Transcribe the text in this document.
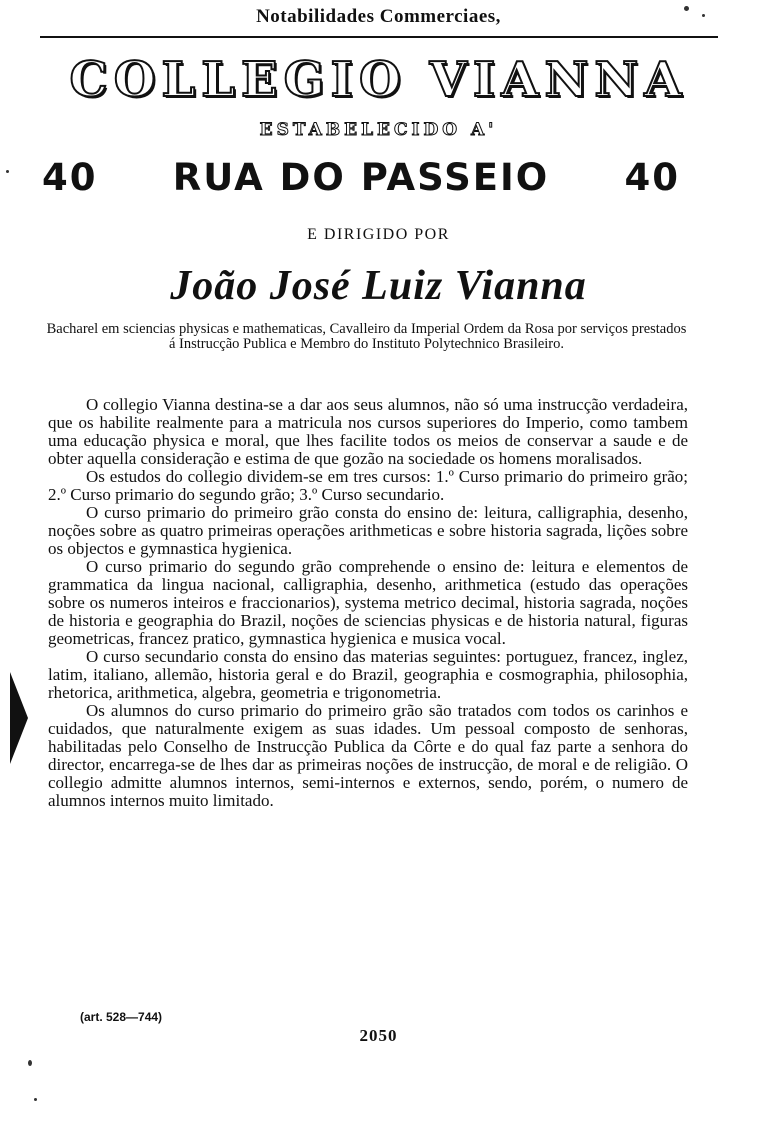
Notabilidades Commerciaes,
COLLEGIO VIANNA
ESTABELECIDO A'
40 RUA DO PASSEIO 40
E DIRIGIDO POR
João José Luiz Vianna
Bacharel em sciencias physicas e mathematicas, Cavalleiro da Imperial Ordem da Rosa por serviços prestados á Instrucção Publica e Membro do Instituto Polytechnico Brasileiro.

O collegio Vianna destina-se a dar aos seus alumnos, não só uma instrucção verdadeira, que os habilite realmente para a matricula nos cursos superiores do Imperio, como tambem uma educação physica e moral, que lhes facilite todos os meios de conservar a saude e de obter aquella consideração e estima de que gozão na sociedade os homens moralisados.

Os estudos do collegio dividem-se em tres cursos: 1.º Curso primario do primeiro grão; 2.º Curso primario do segundo grão; 3.º Curso secundario.

O curso primario do primeiro grão consta do ensino de: leitura, calligraphia, desenho, noções sobre as quatro primeiras operações arithmeticas e sobre historia sagrada, lições sobre os objectos e gymnastica hygienica.

O curso primario do segundo grão comprehende o ensino de: leitura e elementos de grammatica da lingua nacional, calligraphia, desenho, arithmetica (estudo das operações sobre os numeros inteiros e fraccionarios), systema metrico decimal, historia sagrada, noções de historia e geographia do Brazil, noções de sciencias physicas e de historia natural, figuras geometricas, francez pratico, gymnastica hygienica e musica vocal.

O curso secundario consta do ensino das materias seguintes: portuguez, francez, inglez, latim, italiano, allemão, historia geral e do Brazil, geographia e cosmographia, philosophia, rhetorica, arithmetica, algebra, geometria e trigonometria.

Os alumnos do curso primario do primeiro grão são tratados com todos os carinhos e cuidados, que naturalmente exigem as suas idades. Um pessoal composto de senhoras, habilitadas pelo Conselho de Instrucção Publica da Côrte e do qual faz parte a senhora do director, encarrega-se de lhes dar as primeiras noções de instrucção, de moral e de religião. O collegio admitte alumnos internos, semi-internos e externos, sendo, porém, o numero de alumnos internos muito limitado.

(art. 528—744)
2050
